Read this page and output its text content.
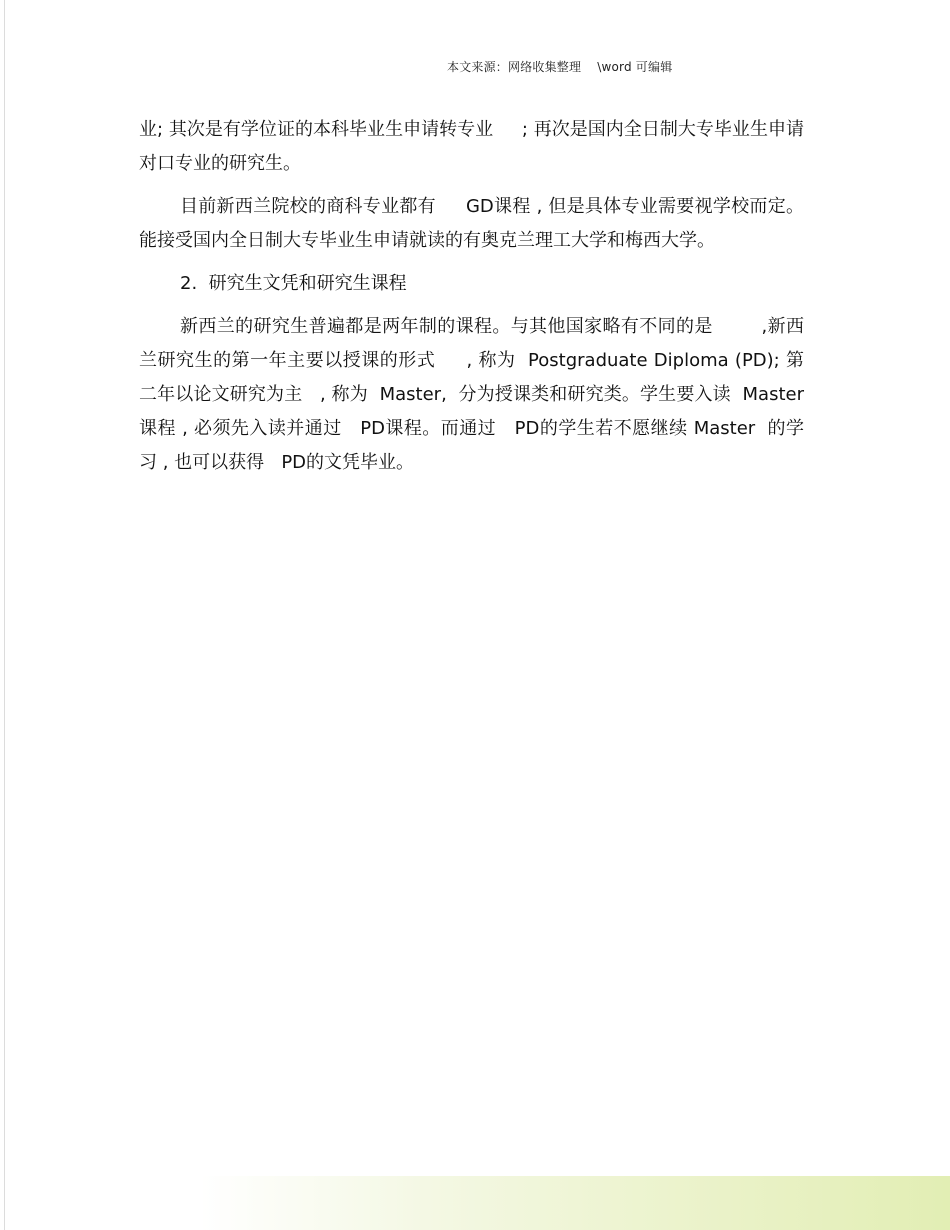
本文来源：网络收集整理    \word 可编辑

业; 其次是有学位证的本科毕业生申请转专业     ; 再次是国内全日制大专毕业生申请对口专业的研究生。

目前新西兰院校的商科专业都有     GD课程 , 但是具体专业需要视学校而定。能接受国内全日制大专毕业生申请就读的有奥克兰理工大学和梅西大学。

2.  研究生文凭和研究生课程

新西兰的研究生普遍都是两年制的课程。与其他国家略有不同的是        ,新西兰研究生的第一年主要以授课的形式     , 称为  Postgraduate Diploma (PD); 第二年以论文研究为主   , 称为  Master,  分为授课类和研究类。学生要入读  Master  课程 , 必须先入读并通过   PD课程。而通过   PD的学生若不愿继续 Master  的学习 , 也可以获得   PD的文凭毕业。
